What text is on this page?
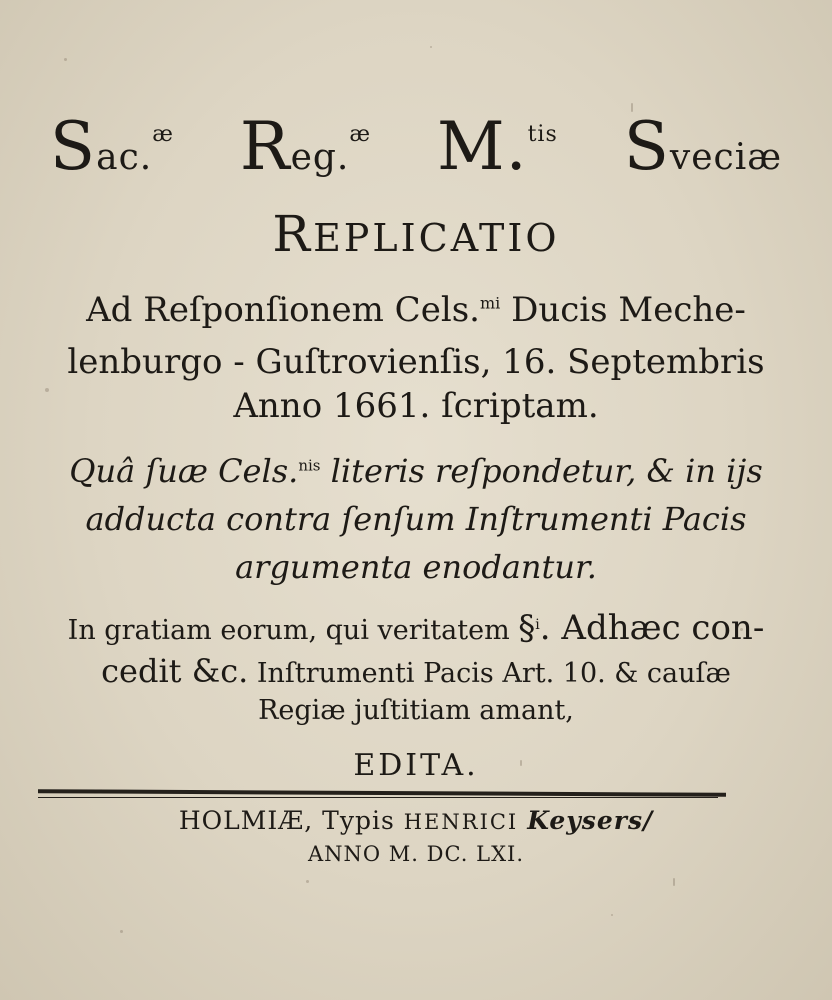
Sac.$^æ$ Reg.$^æ$ M.$^{tis}$ Sveciæ
REPLICATIO
Ad Reſponſionem Cels.$^{mi}$ Ducis Meche-
lenburgo - Guſtrovienſis, 16. Septembris
Anno 1661. ſcriptam.
Quâ ſuæ Cels.$^{nis}$ literis reſpondetur, & in ijs
adducta contra ſenſum Inſtrumenti Pacis
argumenta enodantur.
In gratiam eorum, qui veritatem §$^i$. Adhæc con-
cedit &c. Inſtrumenti Pacis Art. 10. & cauſæ
Regiæ juſtitiam amant,
EDITA.
HOLMIÆ, Typis HENRICI Keysers/
ANNO M. DC. LXI.
